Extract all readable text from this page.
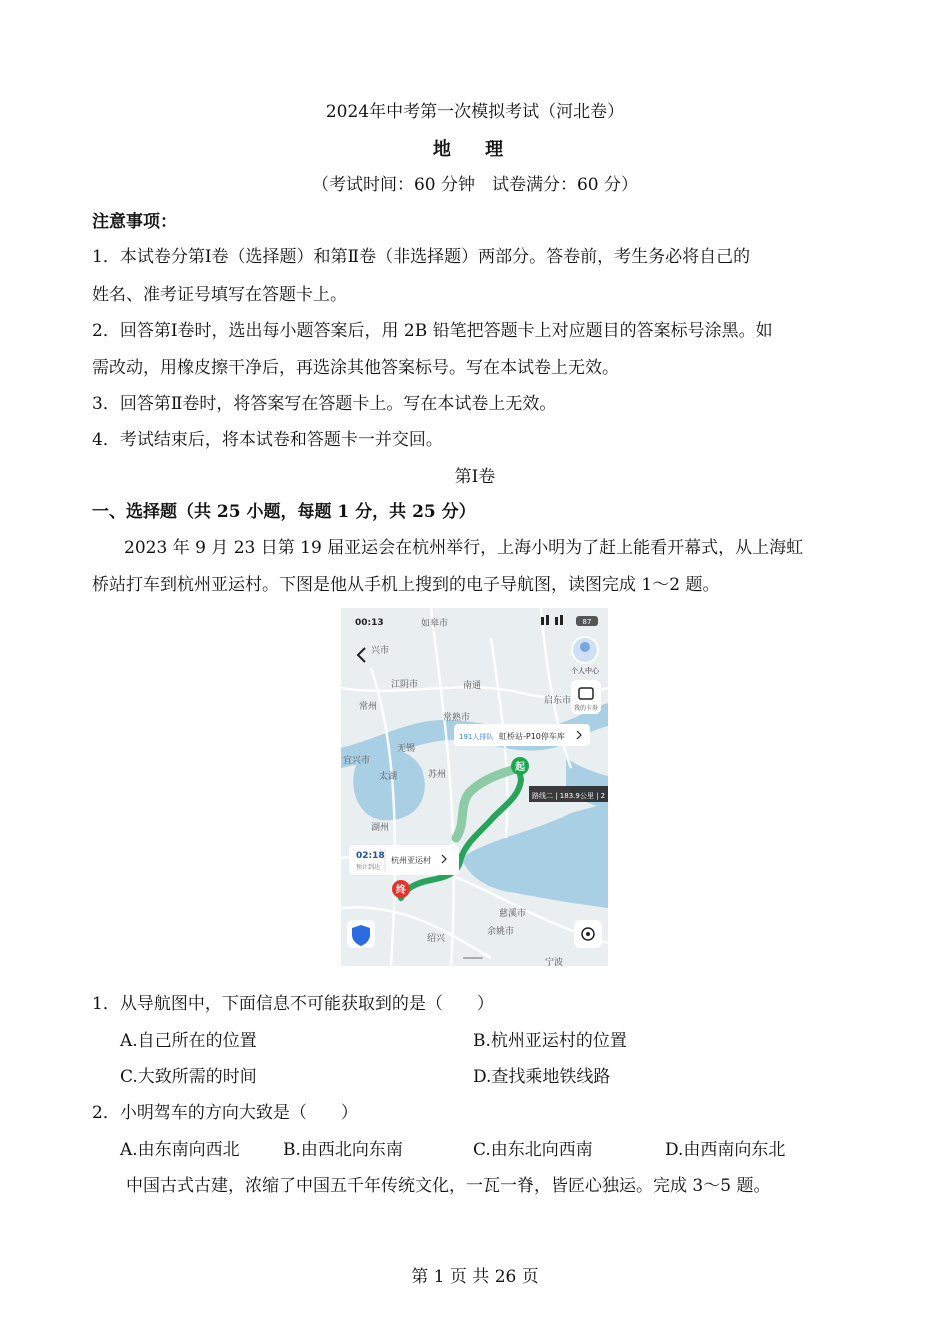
2024年中考第一次模拟考试（河北卷）
地 理
（考试时间：60 分钟　试卷满分：60 分）
注意事项：
1．本试卷分第Ⅰ卷（选择题）和第Ⅱ卷（非选择题）两部分。答卷前，考生务必将自己的
姓名、准考证号填写在答题卡上。
2．回答第Ⅰ卷时，选出每小题答案后，用 2B 铅笔把答题卡上对应题目的答案标号涂黑。如
需改动，用橡皮擦干净后，再选涂其他答案标号。写在本试卷上无效。
3．回答第Ⅱ卷时，将答案写在答题卡上。写在本试卷上无效。
4．考试结束后，将本试卷和答题卡一并交回。
第Ⅰ卷
一、选择题（共 25 小题，每题 1 分，共 25 分）
2023 年 9 月 23 日第 19 届亚运会在杭州举行，上海小明为了赶上能看开幕式，从上海虹
桥站打车到杭州亚运村。下图是他从手机上搜到的电子导航图，读图完成 1～2 题。
起
终
如皋市
兴市
江阴市	南通
常州
启东市
常熟市
无锡
宜兴市
太湖	苏州
湖州
慈溪市
余姚市
绍兴
宁波
00:13	87
个人中心
我的卡券
191人排队 虹桥站-P10停车库
路线二 | 183.9公里 | 2
02:18
预计到达
杭州亚运村
1．从导航图中，下面信息不可能获取到的是（　　）
A.自己所在的位置	B.杭州亚运村的位置
C.大致所需的时间	D.查找乘地铁线路
2．小明驾车的方向大致是（　　）
A.由东南向西北	B.由西北向东南	C.由东北向西南	D.由西南向东北
中国古式古建，浓缩了中国五千年传统文化，一瓦一脊，皆匠心独运。完成 3～5 题。
第 1 页 共 26 页
